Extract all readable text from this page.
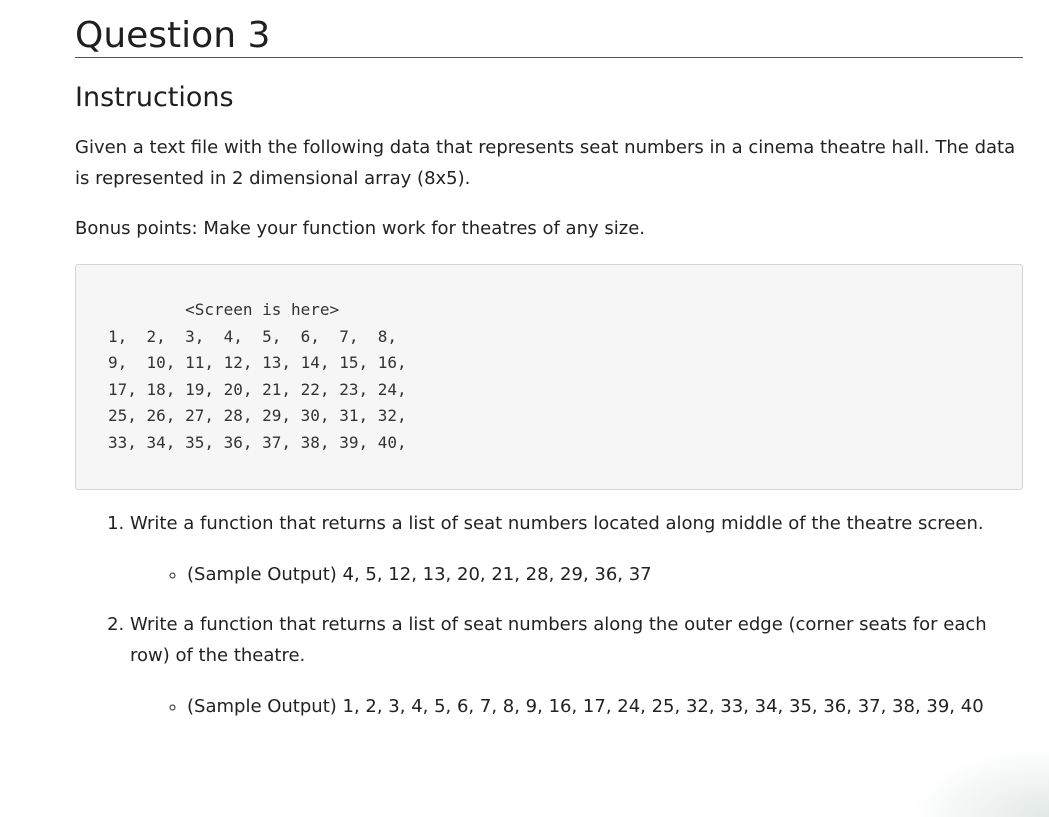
Question 3
Instructions

Given a text file with the following data that represents seat numbers in a cinema theatre hall. The data is represented in 2 dimensional array (8x5).

Bonus points: Make your function work for theatres of any size.

<Screen is here>
1,  2,  3,  4,  5,  6,  7,  8,
9,  10, 11, 12, 13, 14, 15, 16,
17, 18, 19, 20, 21, 22, 23, 24,
25, 26, 27, 28, 29, 30, 31, 32,
33, 34, 35, 36, 37, 38, 39, 40,
1. Write a function that returns a list of seat numbers located along middle of the theatre screen.
◦ (Sample Output) 4, 5, 12, 13, 20, 21, 28, 29, 36, 37
2. Write a function that returns a list of seat numbers along the outer edge (corner seats for each row) of the theatre.
◦ (Sample Output) 1, 2, 3, 4, 5, 6, 7, 8, 9, 16, 17, 24, 25, 32, 33, 34, 35, 36, 37, 38, 39, 40
